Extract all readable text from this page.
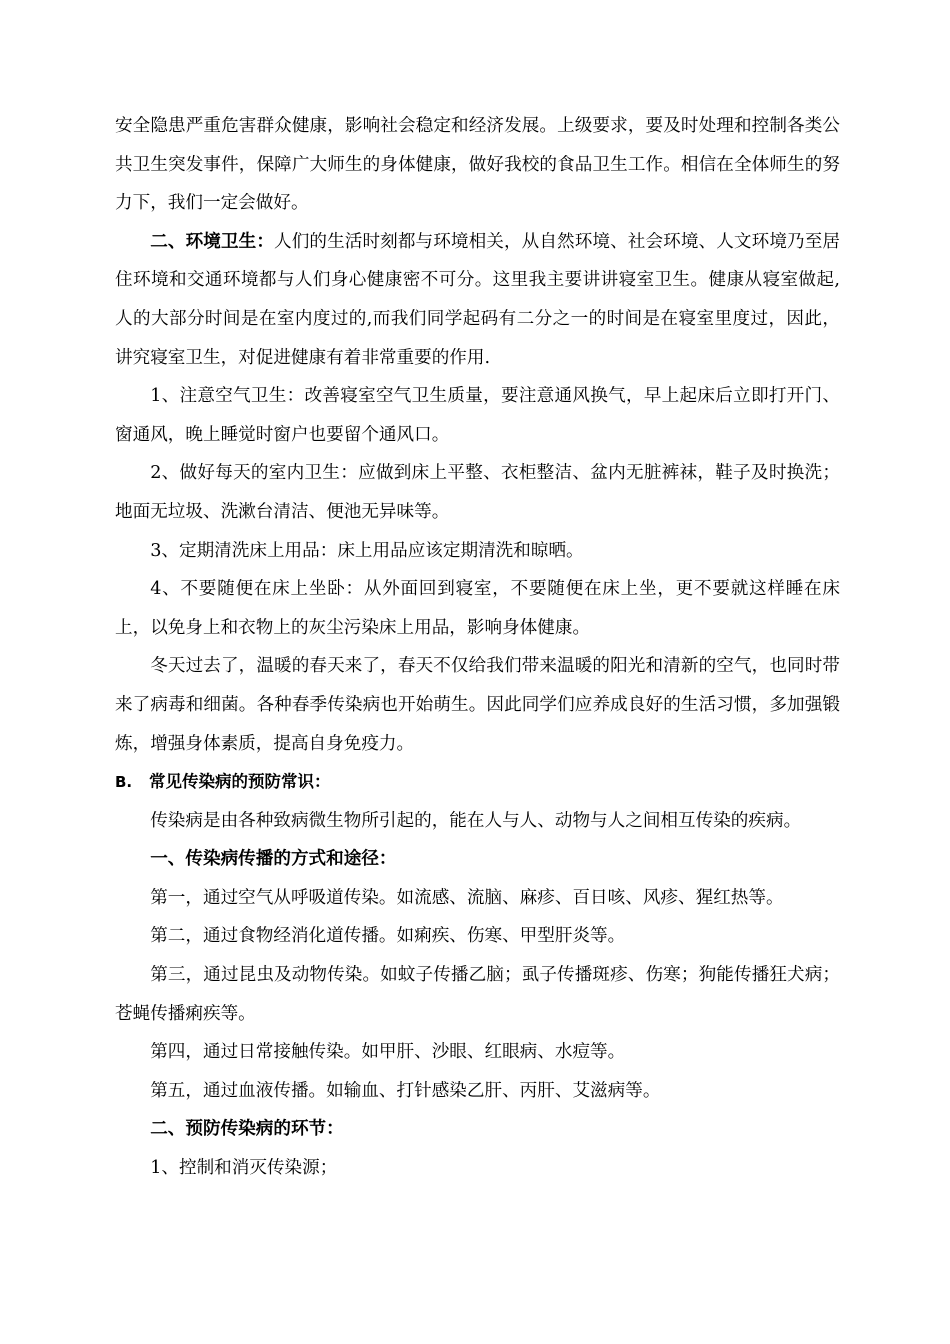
安全隐患严重危害群众健康，影响社会稳定和经济发展。上级要求，要及时处理和控制各类公共卫生突发事件，保障广大师生的身体健康，做好我校的食品卫生工作。相信在全体师生的努力下，我们一定会做好。

二、环境卫生：人们的生活时刻都与环境相关，从自然环境、社会环境、人文环境乃至居住环境和交通环境都与人们身心健康密不可分。这里我主要讲讲寝室卫生。健康从寝室做起,人的大部分时间是在室内度过的,而我们同学起码有二分之一的时间是在寝室里度过，因此，讲究寝室卫生，对促进健康有着非常重要的作用.

1、注意空气卫生：改善寝室空气卫生质量，要注意通风换气，早上起床后立即打开门、窗通风，晚上睡觉时窗户也要留个通风口。

2、做好每天的室内卫生：应做到床上平整、衣柜整洁、盆内无脏裤袜，鞋子及时换洗；地面无垃圾、洗漱台清洁、便池无异味等。

3、定期清洗床上用品：床上用品应该定期清洗和晾晒。

4、不要随便在床上坐卧：从外面回到寝室，不要随便在床上坐，更不要就这样睡在床上，以免身上和衣物上的灰尘污染床上用品，影响身体健康。

冬天过去了，温暖的春天来了，春天不仅给我们带来温暖的阳光和清新的空气，也同时带来了病毒和细菌。各种春季传染病也开始萌生。因此同学们应养成良好的生活习惯，多加强锻炼，增强身体素质，提高自身免疫力。

B. 常见传染病的预防常识：

传染病是由各种致病微生物所引起的，能在人与人、动物与人之间相互传染的疾病。

一、传染病传播的方式和途径：

第一，通过空气从呼吸道传染。如流感、流脑、麻疹、百日咳、风疹、猩红热等。

第二，通过食物经消化道传播。如痢疾、伤寒、甲型肝炎等。

第三，通过昆虫及动物传染。如蚊子传播乙脑；虱子传播斑疹、伤寒；狗能传播狂犬病；苍蝇传播痢疾等。

第四，通过日常接触传染。如甲肝、沙眼、红眼病、水痘等。

第五，通过血液传播。如输血、打针感染乙肝、丙肝、艾滋病等。

二、预防传染病的环节：

1、控制和消灭传染源；
